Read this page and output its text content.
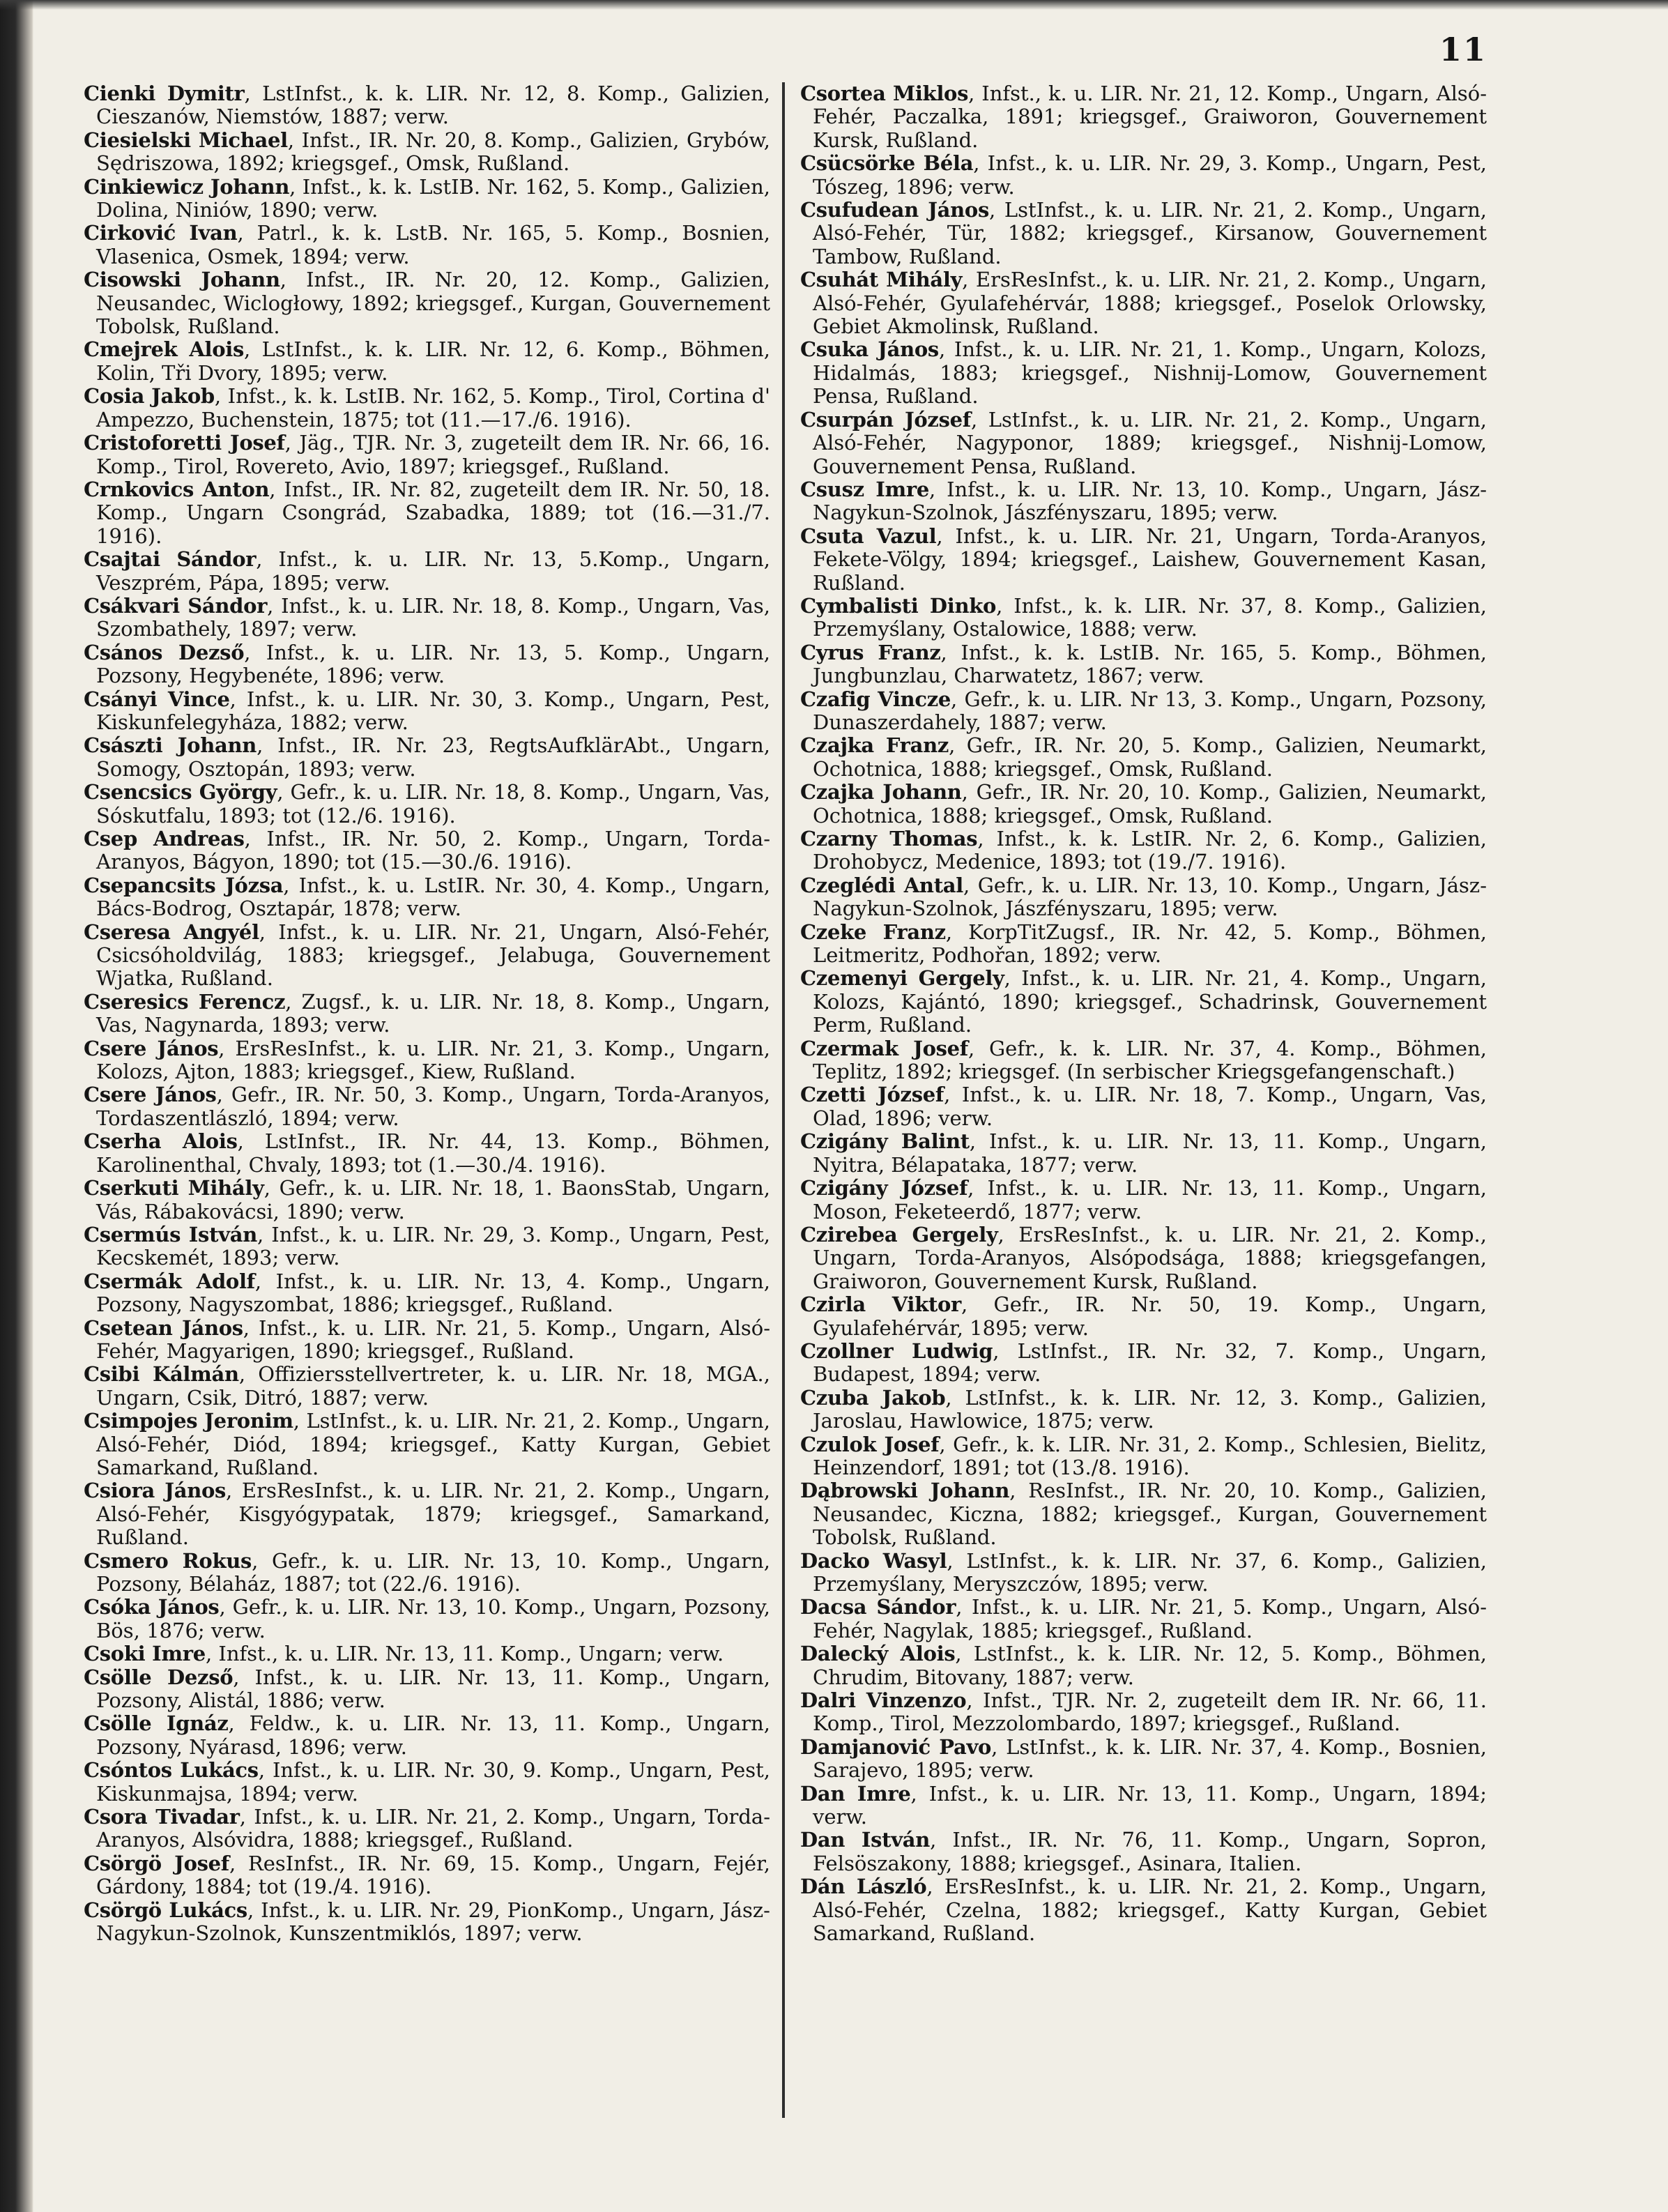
11

Cienki Dymitr, LstInfst., k. k. LIR. Nr. 12, 8. Komp., Galizien, Cieszanów, Niemstów, 1887; verw.

Ciesielski Michael, Infst., IR. Nr. 20, 8. Komp., Galizien, Grybów, Sędriszowa, 1892; kriegsgef., Omsk, Rußland.

Cinkiewicz Johann, Infst., k. k. LstIB. Nr. 162, 5. Komp., Galizien, Dolina, Niniów, 1890; verw.

Cirković Ivan, Patrl., k. k. LstB. Nr. 165, 5. Komp., Bosnien, Vlasenica, Osmek, 1894; verw.

Cisowski Johann, Infst., IR. Nr. 20, 12. Komp., Galizien, Neusandec, Wiclogłowy, 1892; kriegsgef., Kurgan, Gouvernement Tobolsk, Rußland.

Cmejrek Alois, LstInfst., k. k. LIR. Nr. 12, 6. Komp., Böhmen, Kolin, Tři Dvory, 1895; verw.

Cosia Jakob, Infst., k. k. LstIB. Nr. 162, 5. Komp., Tirol, Cortina d' Ampezzo, Buchenstein, 1875; tot (11.—17./6. 1916).

Cristoforetti Josef, Jäg., TJR. Nr. 3, zugeteilt dem IR. Nr. 66, 16. Komp., Tirol, Rovereto, Avio, 1897; kriegsgef., Rußland.

Crnkovics Anton, Infst., IR. Nr. 82, zugeteilt dem IR. Nr. 50, 18. Komp., Ungarn Csongrád, Szabadka, 1889; tot (16.—31./7. 1916).

Csajtai Sándor, Infst., k. u. LIR. Nr. 13, 5.Komp., Ungarn, Veszprém, Pápa, 1895; verw.

Csákvari Sándor, Infst., k. u. LIR. Nr. 18, 8. Komp., Ungarn, Vas, Szombathely, 1897; verw.

Csános Dezső, Infst., k. u. LIR. Nr. 13, 5. Komp., Ungarn, Pozsony, Hegybenéte, 1896; verw.

Csányi Vince, Infst., k. u. LIR. Nr. 30, 3. Komp., Ungarn, Pest, Kiskunfelegyháza, 1882; verw.

Császti Johann, Infst., IR. Nr. 23, RegtsAufklärAbt., Ungarn, Somogy, Osztopán, 1893; verw.

Csencsics György, Gefr., k. u. LIR. Nr. 18, 8. Komp., Ungarn, Vas, Sóskutfalu, 1893; tot (12./6. 1916).

Csep Andreas, Infst., IR. Nr. 50, 2. Komp., Ungarn, Torda-Aranyos, Bágyon, 1890; tot (15.—30./6. 1916).

Csepancsits Józsa, Infst., k. u. LstIR. Nr. 30, 4. Komp., Ungarn, Bács-Bodrog, Osztapár, 1878; verw.

Cseresa Angyél, Infst., k. u. LIR. Nr. 21, Ungarn, Alsó-Fehér, Csicsóholdvilág, 1883; kriegsgef., Jelabuga, Gouvernement Wjatka, Rußland.

Cseresics Ferencz, Zugsf., k. u. LIR. Nr. 18, 8. Komp., Ungarn, Vas, Nagynarda, 1893; verw.

Csere János, ErsResInfst., k. u. LIR. Nr. 21, 3. Komp., Ungarn, Kolozs, Ajton, 1883; kriegsgef., Kiew, Rußland.

Csere János, Gefr., IR. Nr. 50, 3. Komp., Ungarn, Torda-Aranyos, Tordaszentlászló, 1894; verw.

Cserha Alois, LstInfst., IR. Nr. 44, 13. Komp., Böhmen, Karolinenthal, Chvaly, 1893; tot (1.—30./4. 1916).

Cserkuti Mihály, Gefr., k. u. LIR. Nr. 18, 1. BaonsStab, Ungarn, Vás, Rábakovácsi, 1890; verw.

Csermús István, Infst., k. u. LIR. Nr. 29, 3. Komp., Ungarn, Pest, Kecskemét, 1893; verw.

Csermák Adolf, Infst., k. u. LIR. Nr. 13, 4. Komp., Ungarn, Pozsony, Nagyszombat, 1886; kriegsgef., Rußland.

Csetean János, Infst., k. u. LIR. Nr. 21, 5. Komp., Ungarn, Alsó-Fehér, Magyarigen, 1890; kriegsgef., Rußland.

Csibi Kálmán, Offiziersstellvertreter, k. u. LIR. Nr. 18, MGA., Ungarn, Csik, Ditró, 1887; verw.

Csimpojes Jeronim, LstInfst., k. u. LIR. Nr. 21, 2. Komp., Ungarn, Alsó-Fehér, Diód, 1894; kriegsgef., Katty Kurgan, Gebiet Samarkand, Rußland.

Csiora János, ErsResInfst., k. u. LIR. Nr. 21, 2. Komp., Ungarn, Alsó-Fehér, Kisgyógypatak, 1879; kriegsgef., Samarkand, Rußland.

Csmero Rokus, Gefr., k. u. LIR. Nr. 13, 10. Komp., Ungarn, Pozsony, Bélaház, 1887; tot (22./6. 1916).

Csóka János, Gefr., k. u. LIR. Nr. 13, 10. Komp., Ungarn, Pozsony, Bös, 1876; verw.

Csoki Imre, Infst., k. u. LIR. Nr. 13, 11. Komp., Ungarn; verw.

Csölle Dezső, Infst., k. u. LIR. Nr. 13, 11. Komp., Ungarn, Pozsony, Alistál, 1886; verw.

Csölle Ignáz, Feldw., k. u. LIR. Nr. 13, 11. Komp., Ungarn, Pozsony, Nyárasd, 1896; verw.

Csóntos Lukács, Infst., k. u. LIR. Nr. 30, 9. Komp., Ungarn, Pest, Kiskunmajsa, 1894; verw.

Csora Tivadar, Infst., k. u. LIR. Nr. 21, 2. Komp., Ungarn, Torda-Aranyos, Alsóvidra, 1888; kriegsgef., Rußland.

Csörgö Josef, ResInfst., IR. Nr. 69, 15. Komp., Ungarn, Fejér, Gárdony, 1884; tot (19./4. 1916).

Csörgö Lukács, Infst., k. u. LIR. Nr. 29, PionKomp., Ungarn, Jász-Nagykun-Szolnok, Kunszentmiklós, 1897; verw.

Csortea Miklos, Infst., k. u. LIR. Nr. 21, 12. Komp., Ungarn, Alsó-Fehér, Paczalka, 1891; kriegsgef., Graiworon, Gouvernement Kursk, Rußland.

Csücsörke Béla, Infst., k. u. LIR. Nr. 29, 3. Komp., Ungarn, Pest, Tószeg, 1896; verw.

Csufudean János, LstInfst., k. u. LIR. Nr. 21, 2. Komp., Ungarn, Alsó-Fehér, Tür, 1882; kriegsgef., Kirsanow, Gouvernement Tambow, Rußland.

Csuhát Mihály, ErsResInfst., k. u. LIR. Nr. 21, 2. Komp., Ungarn, Alsó-Fehér, Gyulafehérvár, 1888; kriegsgef., Poselok Orlowsky, Gebiet Akmolinsk, Rußland.

Csuka János, Infst., k. u. LIR. Nr. 21, 1. Komp., Ungarn, Kolozs, Hidalmás, 1883; kriegsgef., Nishnij-Lomow, Gouvernement Pensa, Rußland.

Csurpán József, LstInfst., k. u. LIR. Nr. 21, 2. Komp., Ungarn, Alsó-Fehér, Nagyponor, 1889; kriegsgef., Nishnij-Lomow, Gouvernement Pensa, Rußland.

Csusz Imre, Infst., k. u. LIR. Nr. 13, 10. Komp., Ungarn, Jász-Nagykun-Szolnok, Jászfényszaru, 1895; verw.

Csuta Vazul, Infst., k. u. LIR. Nr. 21, Ungarn, Torda-Aranyos, Fekete-Völgy, 1894; kriegsgef., Laishew, Gouvernement Kasan, Rußland.

Cymbalisti Dinko, Infst., k. k. LIR. Nr. 37, 8. Komp., Galizien, Przemyślany, Ostalowice, 1888; verw.

Cyrus Franz, Infst., k. k. LstIB. Nr. 165, 5. Komp., Böhmen, Jungbunzlau, Charwatetz, 1867; verw.

Czafig Vincze, Gefr., k. u. LIR. Nr 13, 3. Komp., Ungarn, Pozsony, Dunaszerdahely, 1887; verw.

Czajka Franz, Gefr., IR. Nr. 20, 5. Komp., Galizien, Neumarkt, Ochotnica, 1888; kriegsgef., Omsk, Rußland.

Czajka Johann, Gefr., IR. Nr. 20, 10. Komp., Galizien, Neumarkt, Ochotnica, 1888; kriegsgef., Omsk, Rußland.

Czarny Thomas, Infst., k. k. LstIR. Nr. 2, 6. Komp., Galizien, Drohobycz, Medenice, 1893; tot (19./7. 1916).

Czeglédi Antal, Gefr., k. u. LIR. Nr. 13, 10. Komp., Ungarn, Jász-Nagykun-Szolnok, Jászfényszaru, 1895; verw.

Czeke Franz, KorpTitZugsf., IR. Nr. 42, 5. Komp., Böhmen, Leitmeritz, Podhořan, 1892; verw.

Czemenyi Gergely, Infst., k. u. LIR. Nr. 21, 4. Komp., Ungarn, Kolozs, Kajántó, 1890; kriegsgef., Schadrinsk, Gouvernement Perm, Rußland.

Czermak Josef, Gefr., k. k. LIR. Nr. 37, 4. Komp., Böhmen, Teplitz, 1892; kriegsgef. (In serbischer Kriegsgefangenschaft.)

Czetti József, Infst., k. u. LIR. Nr. 18, 7. Komp., Ungarn, Vas, Olad, 1896; verw.

Czigány Balint, Infst., k. u. LIR. Nr. 13, 11. Komp., Ungarn, Nyitra, Bélapataka, 1877; verw.

Czigány József, Infst., k. u. LIR. Nr. 13, 11. Komp., Ungarn, Moson, Feketeerdő, 1877; verw.

Czirebea Gergely, ErsResInfst., k. u. LIR. Nr. 21, 2. Komp., Ungarn, Torda-Aranyos, Alsópodsága, 1888; kriegsgefangen, Graiworon, Gouvernement Kursk, Rußland.

Czirla Viktor, Gefr., IR. Nr. 50, 19. Komp., Ungarn, Gyulafehérvár, 1895; verw.

Czollner Ludwig, LstInfst., IR. Nr. 32, 7. Komp., Ungarn, Budapest, 1894; verw.

Czuba Jakob, LstInfst., k. k. LIR. Nr. 12, 3. Komp., Galizien, Jaroslau, Hawlowice, 1875; verw.

Czulok Josef, Gefr., k. k. LIR. Nr. 31, 2. Komp., Schlesien, Bielitz, Heinzendorf, 1891; tot (13./8. 1916).

Dąbrowski Johann, ResInfst., IR. Nr. 20, 10. Komp., Galizien, Neusandec, Kiczna, 1882; kriegsgef., Kurgan, Gouvernement Tobolsk, Rußland.

Dacko Wasyl, LstInfst., k. k. LIR. Nr. 37, 6. Komp., Galizien, Przemyślany, Meryszczów, 1895; verw.

Dacsa Sándor, Infst., k. u. LIR. Nr. 21, 5. Komp., Ungarn, Alsó-Fehér, Nagylak, 1885; kriegsgef., Rußland.

Dalecký Alois, LstInfst., k. k. LIR. Nr. 12, 5. Komp., Böhmen, Chrudim, Bitovany, 1887; verw.

Dalri Vinzenzo, Infst., TJR. Nr. 2, zugeteilt dem IR. Nr. 66, 11. Komp., Tirol, Mezzolombardo, 1897; kriegsgef., Rußland.

Damjanović Pavo, LstInfst., k. k. LIR. Nr. 37, 4. Komp., Bosnien, Sarajevo, 1895; verw.

Dan Imre, Infst., k. u. LIR. Nr. 13, 11. Komp., Ungarn, 1894; verw.

Dan István, Infst., IR. Nr. 76, 11. Komp., Ungarn, Sopron, Felsöszakony, 1888; kriegsgef., Asinara, Italien.

Dán László, ErsResInfst., k. u. LIR. Nr. 21, 2. Komp., Ungarn, Alsó-Fehér, Czelna, 1882; kriegsgef., Katty Kurgan, Gebiet Samarkand, Rußland.
